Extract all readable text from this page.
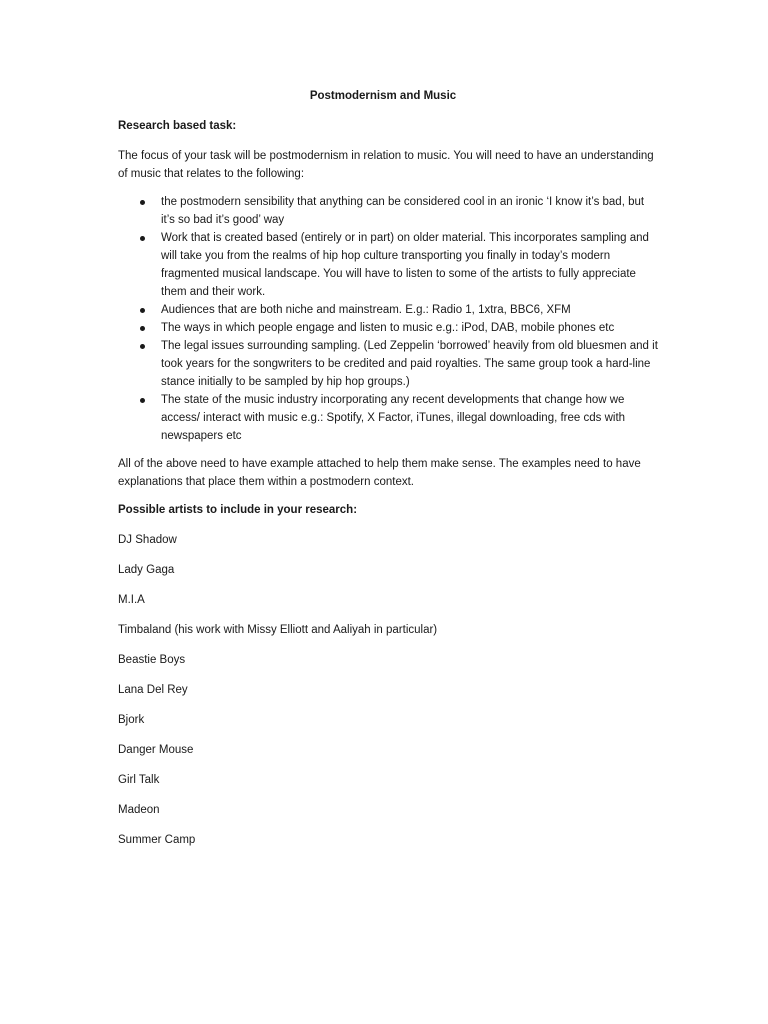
Postmodernism and Music
Research based task:

The focus of your task will be postmodernism in relation to music. You will need to have an understanding of music that relates to the following:

the postmodern sensibility that anything can be considered cool in an ironic ‘I know it’s bad, but it’s so bad it’s good’ way
Work that is created based (entirely or in part) on older material. This incorporates sampling and will take you from the realms of hip hop culture transporting you finally in today’s modern fragmented musical landscape. You will have to listen to some of the artists to fully appreciate them and their work.
Audiences that are both niche and mainstream. E.g.: Radio 1, 1xtra, BBC6, XFM
The ways in which people engage and listen to music e.g.: iPod, DAB, mobile phones etc
The legal issues surrounding sampling. (Led Zeppelin ‘borrowed’ heavily from old bluesmen and it took years for the songwriters to be credited and paid royalties. The same group took a hard-line stance initially to be sampled by hip hop groups.)
The state of the music industry incorporating any recent developments that change how we access/ interact with music e.g.: Spotify, X Factor, iTunes, illegal downloading, free cds with newspapers etc

All of the above need to have example attached to help them make sense. The examples need to have explanations that place them within a postmodern context.

Possible artists to include in your research:
DJ Shadow
Lady Gaga
M.I.A
Timbaland (his work with Missy Elliott and Aaliyah in particular)
Beastie Boys
Lana Del Rey
Bjork
Danger Mouse
Girl Talk
Madeon
Summer Camp
